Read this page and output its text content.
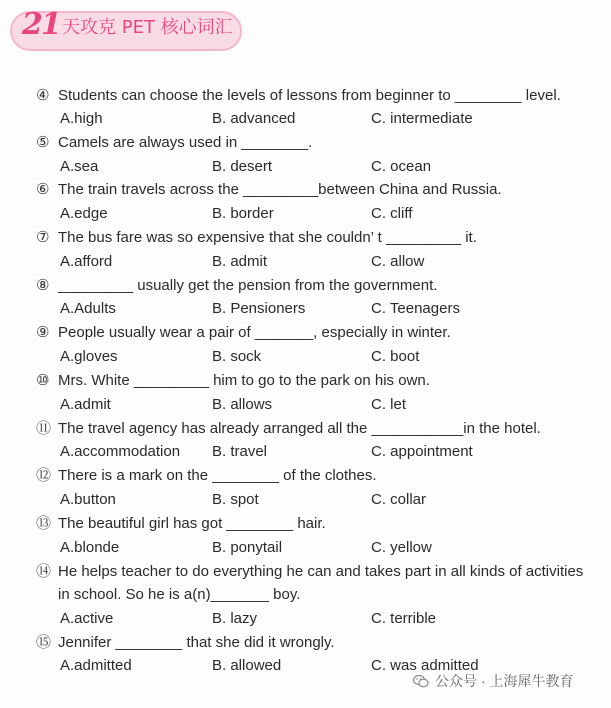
21 天攻克 PET 核心词汇
④ Students can choose the levels of lessons from beginner to ________ level.
A.high	B. advanced	C. intermediate
⑤ Camels are always used in ________.
A.sea	B. desert	C. ocean
⑥ The train travels across the _________between China and Russia.
A.edge	B. border	C. cliff
⑦ The bus fare was so expensive that she couldn’ t _________ it.
A.afford	B. admit	C. allow
⑧ _________ usually get the pension from the government.
A.Adults	B. Pensioners	C. Teenagers
⑨ People usually wear a pair of _______, especially in winter.
A.gloves	B. sock	C. boot
⑩ Mrs. White _________ him to go to the park on his own.
A.admit	B. allows	C. let
⑪ The travel agency has already arranged all the ___________in the hotel.
A.accommodation B. travel	C. appointment
⑫ There is a mark on the ________ of the clothes.
A.button	B. spot	C. collar
⑬ The beautiful girl has got ________ hair.
A.blonde	B. ponytail	C. yellow
⑭ He helps teacher to do everything he can and takes part in all kinds of activities
in school. So he is a(n)_______ boy.
A.active	B. lazy	C. terrible
⑮ Jennifer ________ that she did it wrongly.
A.admitted	B. allowed	C. was admitted
公众号 · 上海犀牛教育
